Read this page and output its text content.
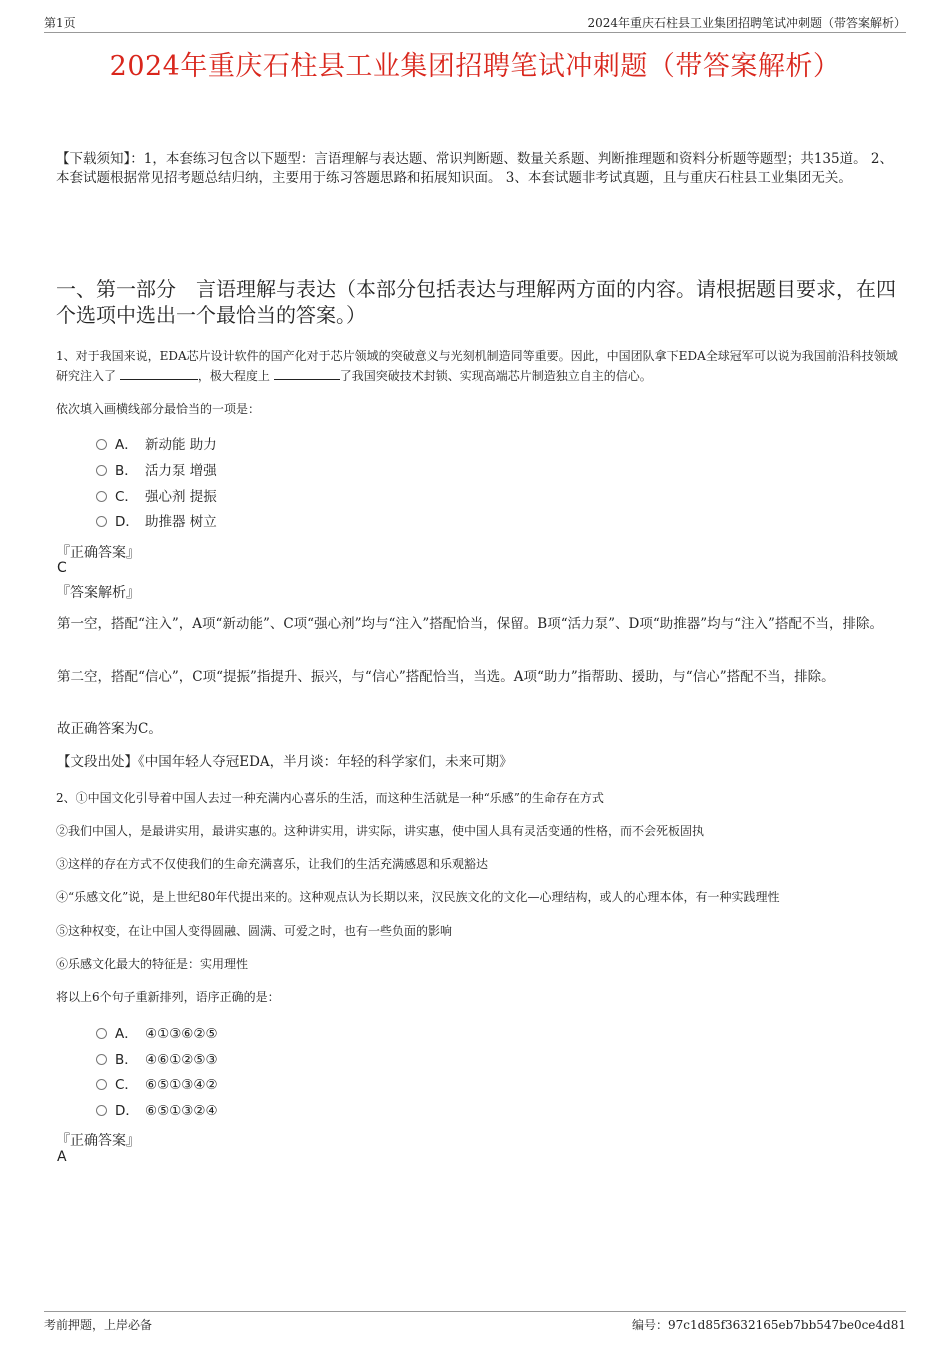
第1页	2024年重庆石柱县工业集团招聘笔试冲刺题（带答案解析）
2024年重庆石柱县工业集团招聘笔试冲刺题（带答案解析）
【下载须知】：1，本套练习包含以下题型：言语理解与表达题、常识判断题、数量关系题、判断推理题和资料分析题等题型；共135道。 2、本套试题根据常见招考题总结归纳，主要用于练习答题思路和拓展知识面。 3、本套试题非考试真题，且与重庆石柱县工业集团无关。
一、第一部分　言语理解与表达（本部分包括表达与理解两方面的内容。请根据题目要求，在四个选项中选出一个最恰当的答案。）
1、对于我国来说，EDA芯片设计软件的国产化对于芯片领域的突破意义与光刻机制造同等重要。因此，中国团队拿下EDA全球冠军可以说为我国前沿科技领域研究注入了	，极大程度上	了我国突破技术封锁、实现高端芯片制造独立自主的信心。
依次填入画横线部分最恰当的一项是：
A． 新动能 助力
B． 活力泵 增强
C． 强心剂 提振
D． 助推器 树立
『正确答案』
C
『答案解析』
第一空，搭配“注入”，A项“新动能”、C项“强心剂”均与“注入”搭配恰当，保留。B项“活力泵”、D项“助推器”均与“注入”搭配不当，排除。
第二空，搭配“信心”，C项“提振”指提升、振兴，与“信心”搭配恰当，当选。A项“助力”指帮助、援助，与“信心”搭配不当，排除。
故正确答案为C。
【文段出处】《中国年轻人夺冠EDA，半月谈：年轻的科学家们，未来可期》
2、①中国文化引导着中国人去过一种充满内心喜乐的生活，而这种生活就是一种“乐感”的生命存在方式
②我们中国人，是最讲实用，最讲实惠的。这种讲实用，讲实际，讲实惠，使中国人具有灵活变通的性格，而不会死板固执
③这样的存在方式不仅使我们的生命充满喜乐，让我们的生活充满感恩和乐观豁达
④“乐感文化”说，是上世纪80年代提出来的。这种观点认为长期以来，汉民族文化的文化—心理结构，或人的心理本体，有一种实践理性
⑤这种权变，在让中国人变得圆融、圆满、可爱之时，也有一些负面的影响
⑥乐感文化最大的特征是：实用理性
将以上6个句子重新排列，语序正确的是：
A． ④①③⑥②⑤
B． ④⑥①②⑤③
C． ⑥⑤①③④②
D． ⑥⑤①③②④
『正确答案』
A
考前押题，上岸必备	编号：97c1d85f3632165eb7bb547be0ce4d81
